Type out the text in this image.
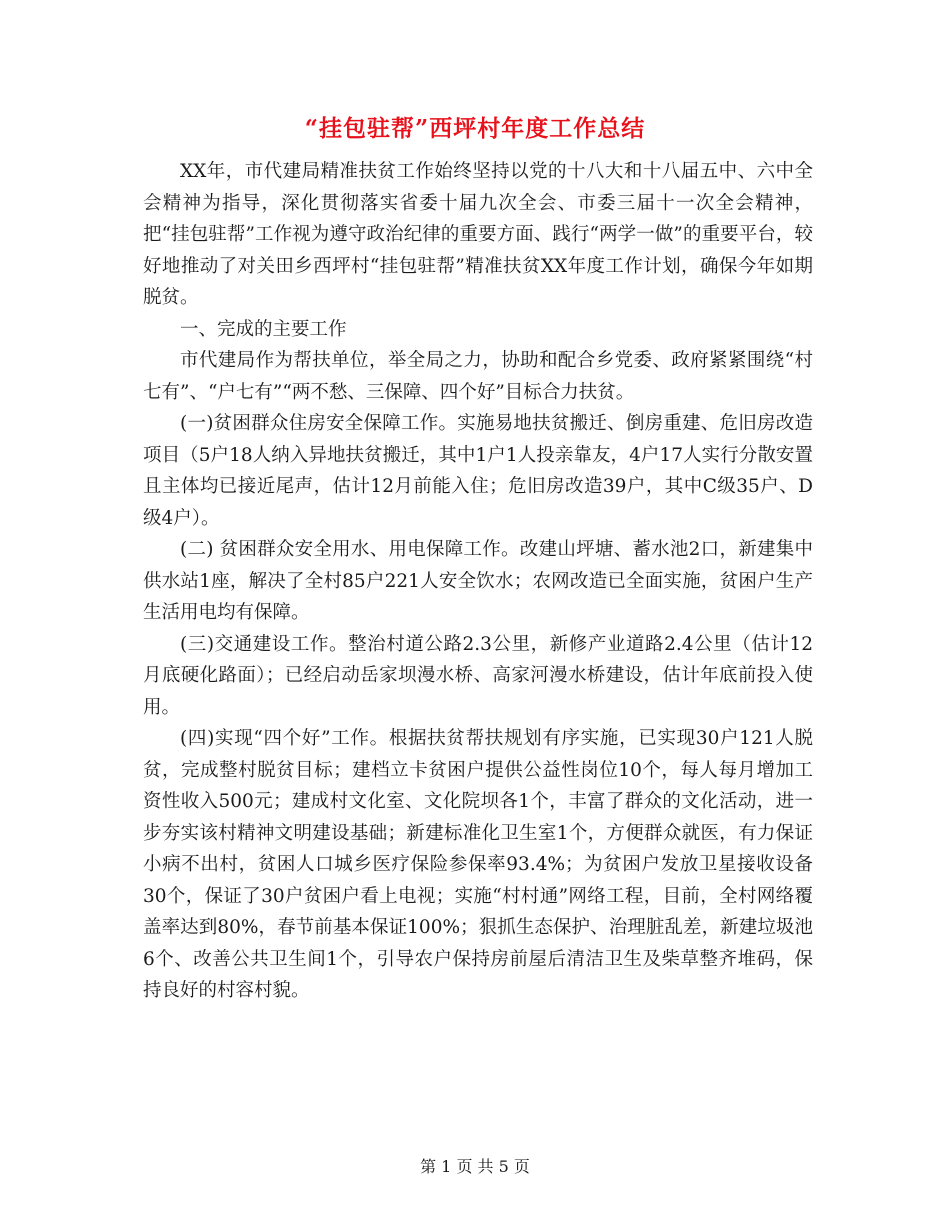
“挂包驻帮”西坪村年度工作总结

XX年，市代建局精准扶贫工作始终坚持以党的十八大和十八届五中、六中全会精神为指导，深化贯彻落实省委十届九次全会、市委三届十一次全会精神，把“挂包驻帮”工作视为遵守政治纪律的重要方面、践行“两学一做”的重要平台，较好地推动了对关田乡西坪村“挂包驻帮”精准扶贫XX年度工作计划，确保今年如期脱贫。

一、完成的主要工作

市代建局作为帮扶单位，举全局之力，协助和配合乡党委、政府紧紧围绕“村七有”、“户七有”“两不愁、三保障、四个好”目标合力扶贫。

(一)贫困群众住房安全保障工作。实施易地扶贫搬迁、倒房重建、危旧房改造项目（5户18人纳入异地扶贫搬迁，其中1户1人投亲靠友，4户17人实行分散安置且主体均已接近尾声，估计12月前能入住；危旧房改造39户，其中C级35户、D级4户）。

(二) 贫困群众安全用水、用电保障工作。改建山坪塘、蓄水池2口，新建集中供水站1座，解决了全村85户221人安全饮水；农网改造已全面实施，贫困户生产生活用电均有保障。

(三)交通建设工作。整治村道公路2.3公里，新修产业道路2.4公里（估计12月底硬化路面）；已经启动岳家坝漫水桥、高家河漫水桥建设，估计年底前投入使用。

(四)实现“四个好”工作。根据扶贫帮扶规划有序实施，已实现30户121人脱贫，完成整村脱贫目标；建档立卡贫困户提供公益性岗位10个，每人每月增加工资性收入500元；建成村文化室、文化院坝各1个，丰富了群众的文化活动，进一步夯实该村精神文明建设基础；新建标准化卫生室1个，方便群众就医，有力保证小病不出村，贫困人口城乡医疗保险参保率93.4%；为贫困户发放卫星接收设备30个，保证了30户贫困户看上电视；实施“村村通”网络工程，目前，全村网络覆盖率达到80%，春节前基本保证100%；狠抓生态保护、治理脏乱差，新建垃圾池6个、改善公共卫生间1个，引导农户保持房前屋后清洁卫生及柴草整齐堆码，保持良好的村容村貌。

第 1 页 共 5 页
